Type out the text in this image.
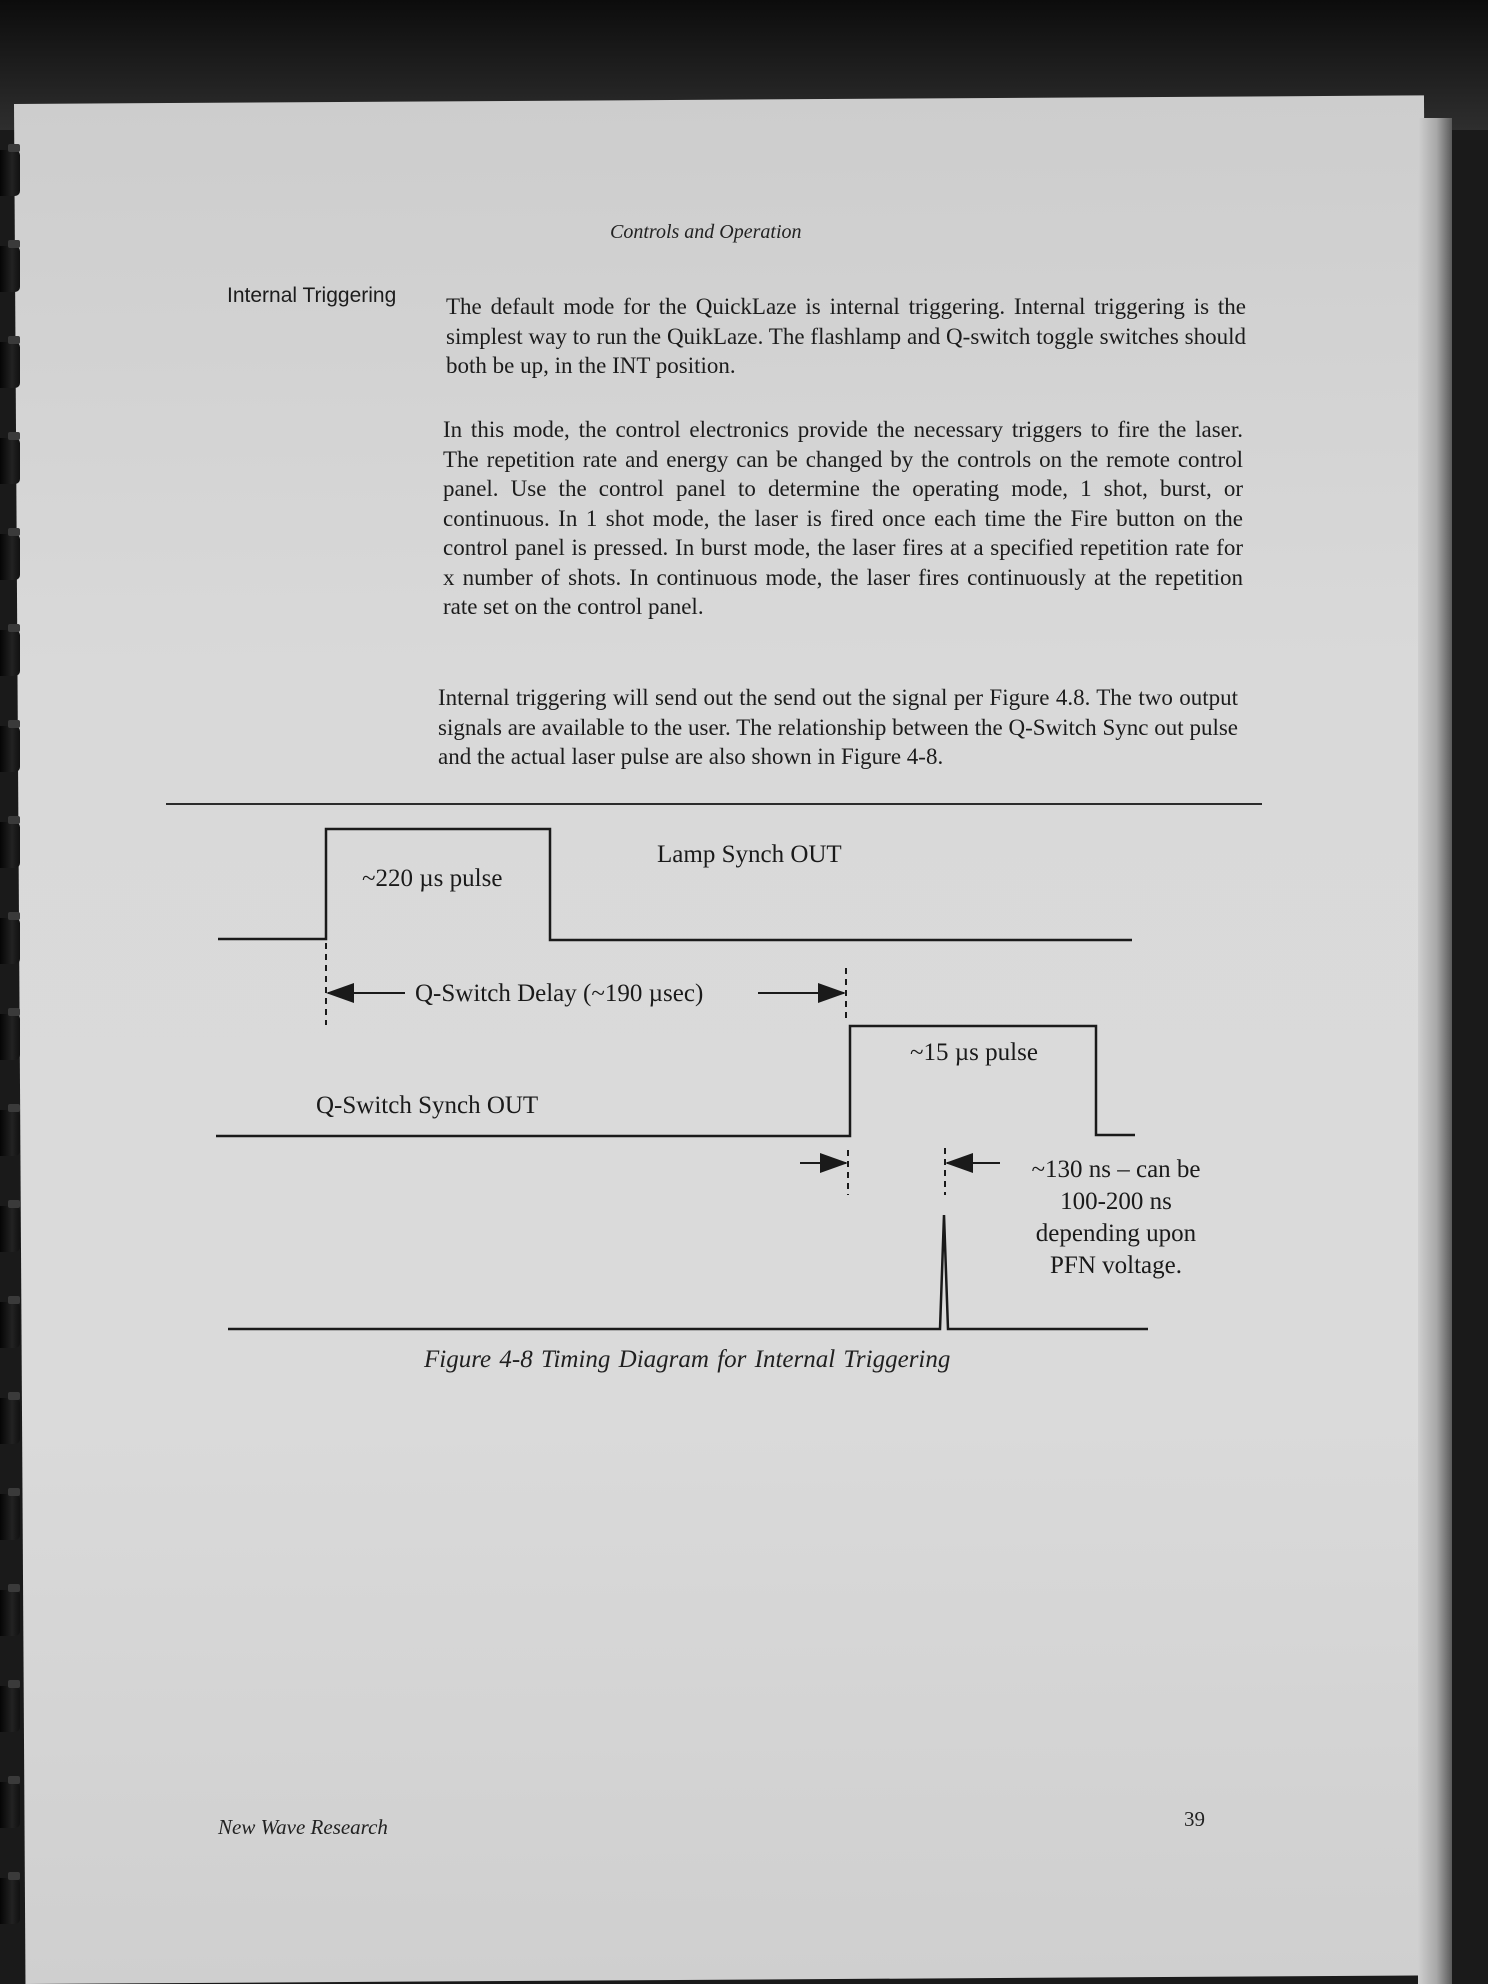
Controls and Operation
Internal Triggering The default mode for the QuickLaze is internal triggering. Internal triggering is the simplest way to run the QuikLaze. The flashlamp and Q-switch toggle switches should both be up, in the INT position.
In this mode, the control electronics provide the necessary triggers to fire the laser. The repetition rate and energy can be changed by the controls on the remote control panel. Use the control panel to determine the operating mode, 1 shot, burst, or continuous. In 1 shot mode, the laser is fired once each time the Fire button on the control panel is pressed. In burst mode, the laser fires at a specified repetition rate for x number of shots. In continuous mode, the laser fires continuously at the repetition rate set on the control panel.
Internal triggering will send out the send out the signal per Figure 4.8. The two output signals are available to the user. The relationship between the Q-Switch Sync out pulse and the actual laser pulse are also shown in Figure 4-8.
~220 µs pulse
Lamp Synch OUT
Q-Switch Delay (~190 µsec)
~15 µs pulse
Q-Switch Synch OUT
~130 ns – can be
100-200 ns
depending upon
PFN voltage.
Figure 4-8 Timing Diagram for Internal Triggering
New Wave Research	39
